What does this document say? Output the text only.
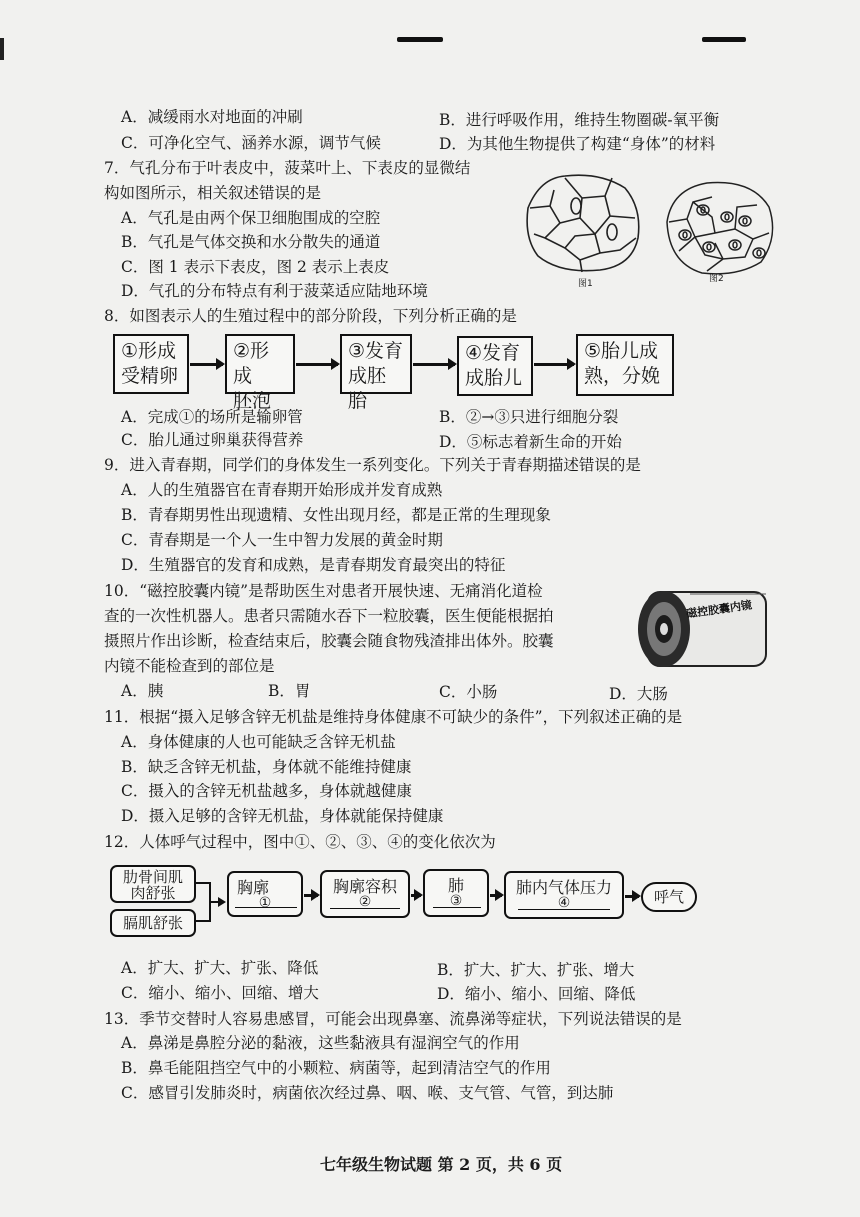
A．减缓雨水对地面的冲刷	B．进行呼吸作用，维持生物圈碳-氧平衡
C．可净化空气、涵养水源，调节气候	D．为其他生物提供了构建“身体”的材料
7．气孔分布于叶表皮中，菠菜叶上、下表皮的显微结
构如图所示，相关叙述错误的是
A．气孔是由两个保卫细胞围成的空腔
B．气孔是气体交换和水分散失的通道
C．图 1 表示下表皮，图 2 表示上表皮
D．气孔的分布特点有利于菠菜适应陆地环境	图1	图2
8．如图表示人的生殖过程中的部分阶段，下列分析正确的是
①形成
受精卵
②形成
胚泡
③发育
成胚胎
④发育
成胎儿
⑤胎儿成
熟，分娩
A．完成①的场所是输卵管	B．②→③只进行细胞分裂
C．胎儿通过卵巢获得营养	D．⑤标志着新生命的开始
9．进入青春期，同学们的身体发生一系列变化。下列关于青春期描述错误的是
A．人的生殖器官在青春期开始形成并发育成熟
B．青春期男性出现遗精、女性出现月经，都是正常的生理现象
C．青春期是一个人一生中智力发展的黄金时期
D．生殖器官的发育和成熟，是青春期发育最突出的特征
10．“磁控胶囊内镜”是帮助医生对患者开展快速、无痛消化道检
查的一次性机器人。患者只需随水吞下一粒胶囊，医生便能根据拍
摄照片作出诊断，检查结束后，胶囊会随食物残渣排出体外。胶囊
内镜不能检查到的部位是
磁控胶囊内镜
A．胰	B．胃	C．小肠	D．大肠
11．根据“摄入足够含锌无机盐是维持身体健康不可缺少的条件”，下列叙述正确的是
A．身体健康的人也可能缺乏含锌无机盐
B．缺乏含锌无机盐，身体就不能维持健康
C．摄入的含锌无机盐越多，身体就越健康
D．摄入足够的含锌无机盐，身体就能保持健康
12．人体呼气过程中，图中①、②、③、④的变化依次为
肋骨间肌
肉舒张
膈肌舒张
胸廓
①
胸廓容积
②
肺
③
肺内气体压力
④	呼气
A．扩大、扩大、扩张、降低	B．扩大、扩大、扩张、增大
C．缩小、缩小、回缩、增大	D．缩小、缩小、回缩、降低
13．季节交替时人容易患感冒，可能会出现鼻塞、流鼻涕等症状，下列说法错误的是
A．鼻涕是鼻腔分泌的黏液，这些黏液具有湿润空气的作用
B．鼻毛能阻挡空气中的小颗粒、病菌等，起到清洁空气的作用
C．感冒引发肺炎时，病菌依次经过鼻、咽、喉、支气管、气管，到达肺
七年级生物试题 第 2 页，共 6 页
